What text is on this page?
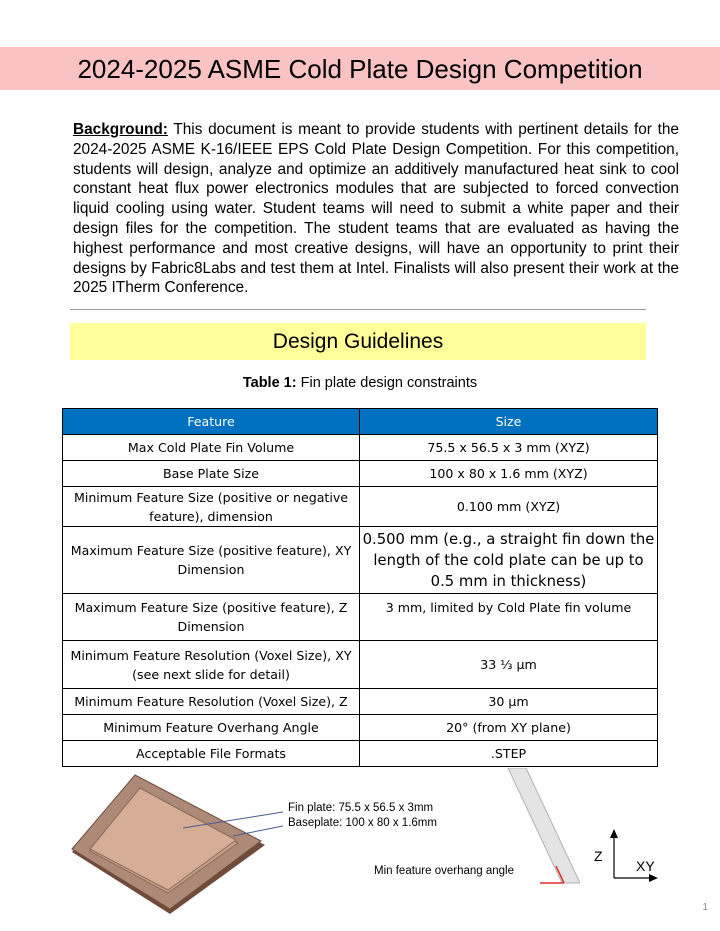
2024-2025 ASME Cold Plate Design Competition
Background: This document is meant to provide students with pertinent details for the 2024-2025 ASME K-16/IEEE EPS Cold Plate Design Competition. For this competition, students will design, analyze and optimize an additively manufactured heat sink to cool constant heat flux power electronics modules that are subjected to forced convection liquid cooling using water. Student teams will need to submit a white paper and their design files for the competition. The student teams that are evaluated as having the highest performance and most creative designs, will have an opportunity to print their designs by Fabric8Labs and test them at Intel. Finalists will also present their work at the 2025 ITherm Conference.
Design Guidelines
Table 1: Fin plate design constraints
Feature	Size
Max Cold Plate Fin Volume	75.5 x 56.5 x 3 mm (XYZ)
Base Plate Size	100 x 80 x 1.6 mm (XYZ)
Minimum Feature Size (positive or negative feature), dimension	0.100 mm (XYZ)
Maximum Feature Size (positive feature), XY Dimension	0.500 mm (e.g., a straight fin down the length of the cold plate can be up to 0.5 mm in thickness)
Maximum Feature Size (positive feature), Z Dimension	3 mm, limited by Cold Plate fin volume
Minimum Feature Resolution (Voxel Size), XY (see next slide for detail)	33 ⅓ µm
Minimum Feature Resolution (Voxel Size), Z	30 µm
Minimum Feature Overhang Angle	20° (from XY plane)
Acceptable File Formats	.STEP
Fin plate: 75.5 x 56.5 x 3mm
Baseplate: 100 x 80 x 1.6mm
Min feature overhang angle
Z
XY
1
